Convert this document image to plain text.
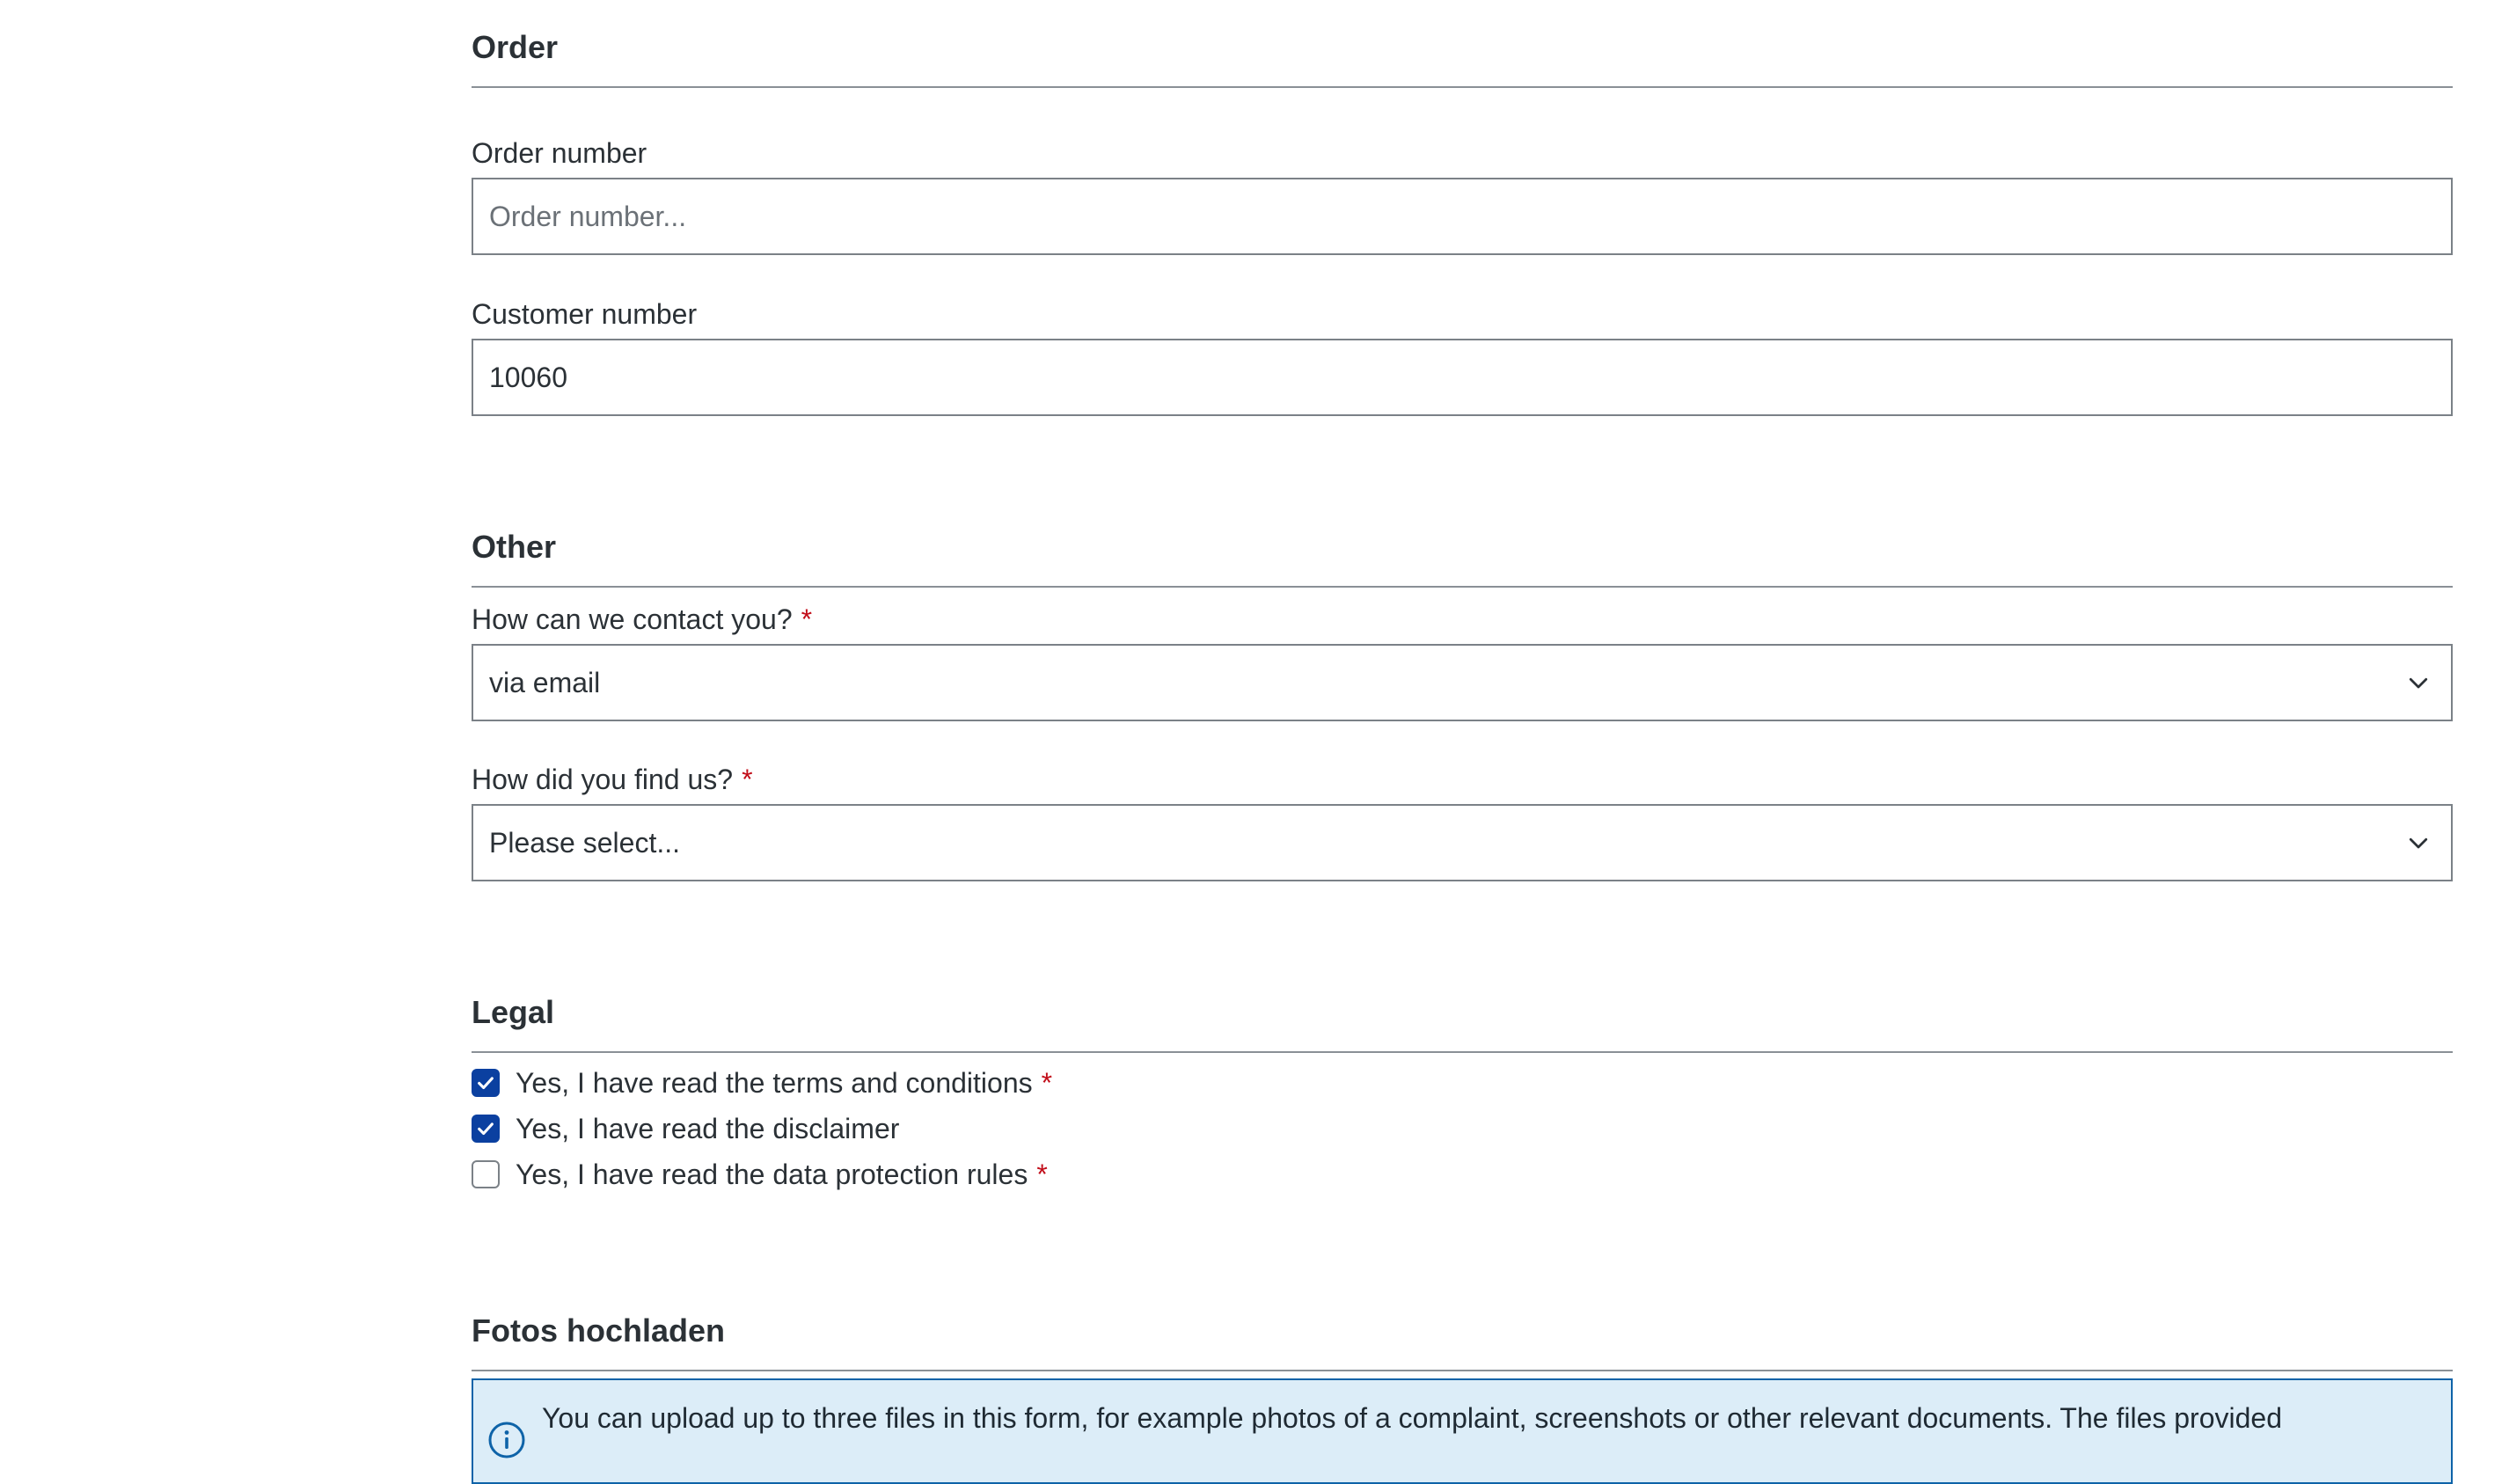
Order
Order number
Order number...
Customer number
10060
Other
How can we contact you? *
via email
How did you find us? *
Please select...
Legal
Yes, I have read the terms and conditions *
Yes, I have read the disclaimer
Yes, I have read the data protection rules *
Fotos hochladen
You can upload up to three files in this form, for example photos of a complaint, screenshots or other relevant documents. The files provided
